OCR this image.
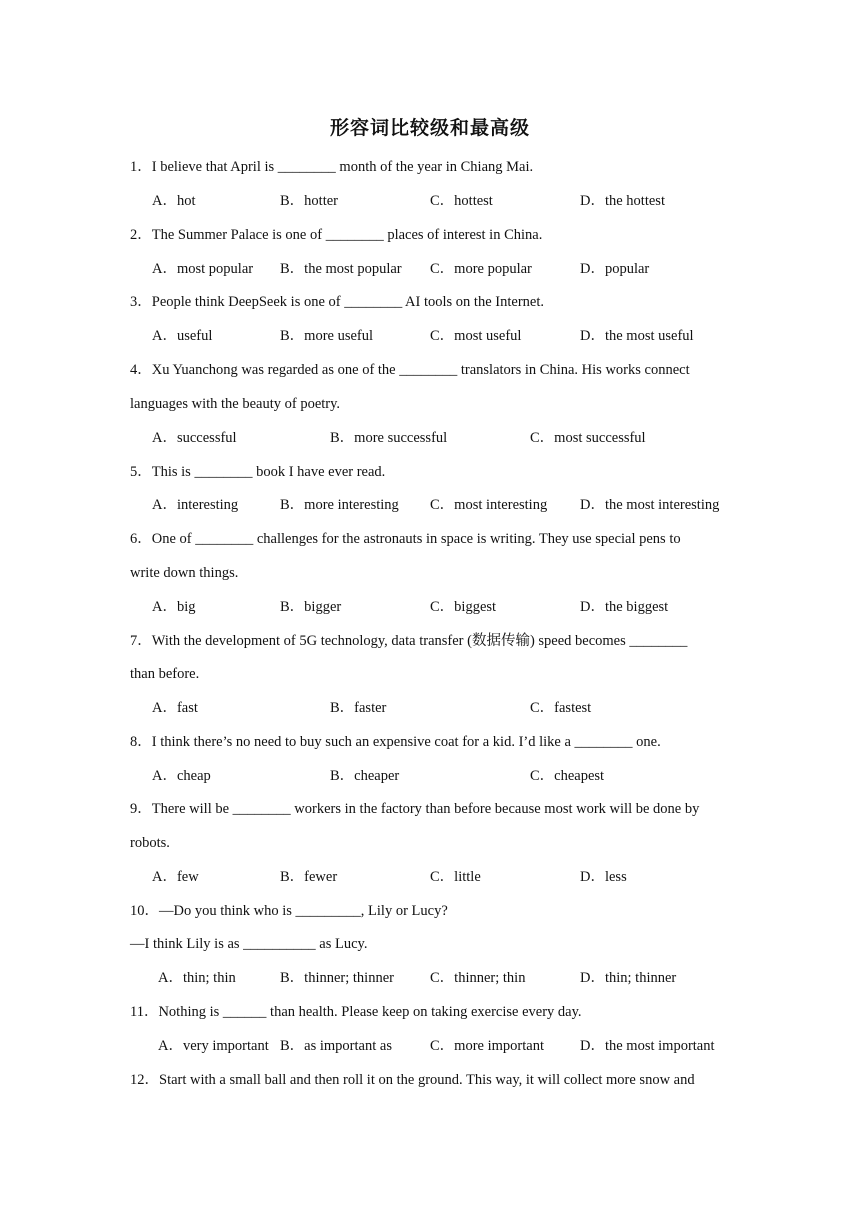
形容词比较级和最高级
1．I believe that April is ________ month of the year in Chiang Mai.
A．hot	B．hotter	C．hottest	D．the hottest
2．The Summer Palace is one of ________ places of interest in China.
A．most popular B．the most popular C．more popular	D．popular
3．People think DeepSeek is one of ________ AI tools on the Internet.
A．useful	B．more useful	C．most useful	D．the most useful
4．Xu Yuanchong was regarded as one of the ________ translators in China. His works connect
languages with the beauty of poetry.
A．successful	B．more successful	C．most successful
5．This is ________ book I have ever read.
A．interesting	B．more interesting C．most interesting D．the most interesting
6．One of ________ challenges for the astronauts in space is writing. They use special pens to
write down things.
A．big	B．bigger	C．biggest	D．the biggest
7．With the development of 5G technology, data transfer (数据传输) speed becomes ________
than before.
A．fast	B．faster	C．fastest
8．I think there’s no need to buy such an expensive coat for a kid. I’d like a ________ one.
A．cheap	B．cheaper	C．cheapest
9．There will be ________ workers in the factory than before because most work will be done by
robots.
A．few	B．fewer	C．little	D．less
10．—Do you think who is _________, Lily or Lucy?
—I think Lily is as __________ as Lucy.
A．thin; thin	B．thinner; thinner C．thinner; thin	D．thin; thinner
11．Nothing is ______ than health. Please keep on taking exercise every day.
A．very important B．as important as	C．more important D．the most important
12．Start with a small ball and then roll it on the ground. This way, it will collect more snow and
